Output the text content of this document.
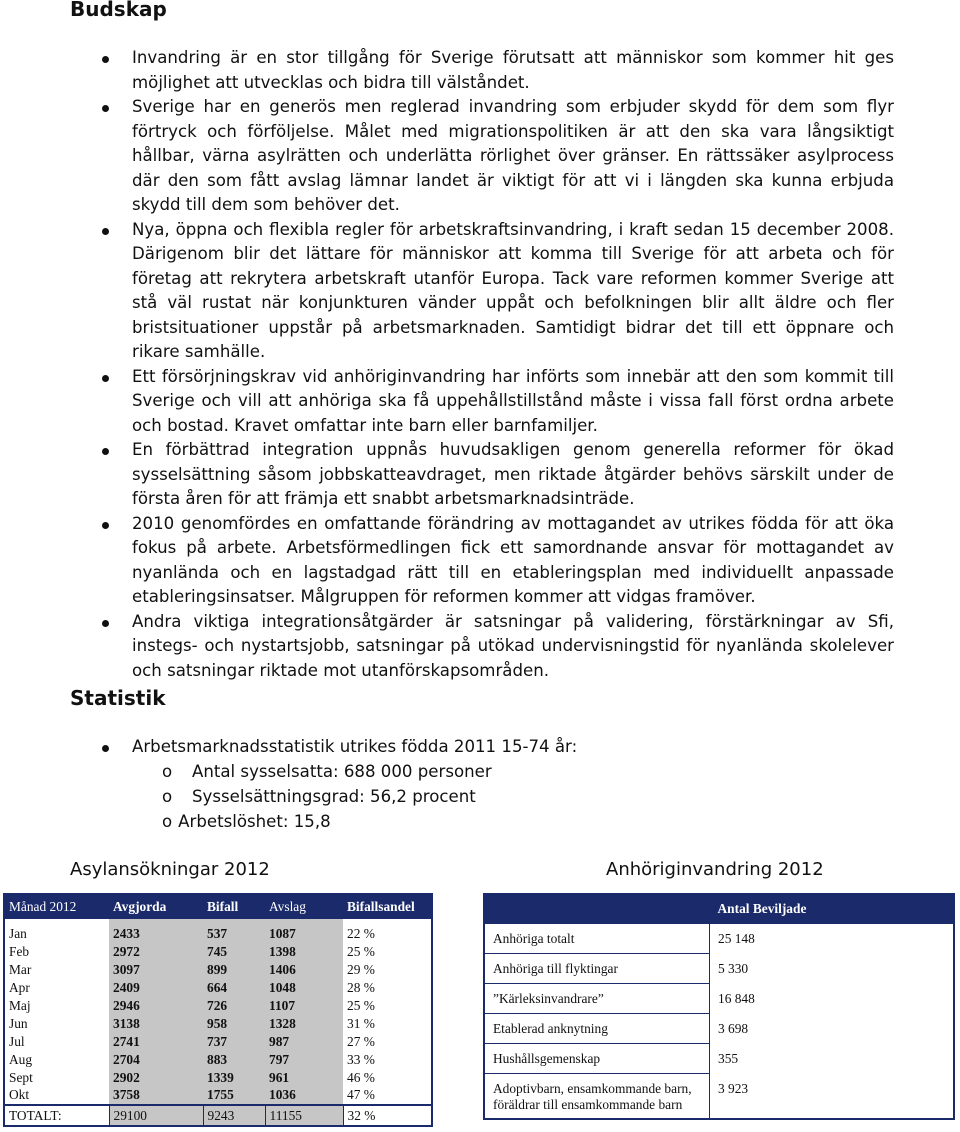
Budskap
Invandring är en stor tillgång för Sverige förutsatt att människor som kommer hit ges möjlighet att utvecklas och bidra till välståndet.
Sverige har en generös men reglerad invandring som erbjuder skydd för dem som flyr förtryck och förföljelse. Målet med migrationspolitiken är att den ska vara långsiktigt hållbar, värna asylrätten och underlätta rörlighet över gränser. En rättssäker asylprocess där den som fått avslag lämnar landet är viktigt för att vi i längden ska kunna erbjuda skydd till dem som behöver det.
Nya, öppna och flexibla regler för arbetskraftsinvandring, i kraft sedan 15 december 2008. Därigenom blir det lättare för människor att komma till Sverige för att arbeta och för företag att rekrytera arbetskraft utanför Europa. Tack vare reformen kommer Sverige att stå väl rustat när konjunkturen vänder uppåt och befolkningen blir allt äldre och fler bristsituationer uppstår på arbetsmarknaden. Samtidigt bidrar det till ett öppnare och rikare samhälle.
Ett försörjningskrav vid anhöriginvandring har införts som innebär att den som kommit till Sverige och vill att anhöriga ska få uppehållstillstånd måste i vissa fall först ordna arbete och bostad. Kravet omfattar inte barn eller barnfamiljer.
En förbättrad integration uppnås huvudsakligen genom generella reformer för ökad sysselsättning såsom jobbskatteavdraget, men riktade åtgärder behövs särskilt under de första åren för att främja ett snabbt arbetsmarknadsinträde.
2010 genomfördes en omfattande förändring av mottagandet av utrikes födda för att öka fokus på arbete. Arbetsförmedlingen fick ett samordnande ansvar för mottagandet av nyanlända och en lagstadgad rätt till en etableringsplan med individuellt anpassade etableringsinsatser. Målgruppen för reformen kommer att vidgas framöver.
Andra viktiga integrationsåtgärder är satsningar på validering, förstärkningar av Sfi, instegs- och nystartsjobb, satsningar på utökad undervisningstid för nyanlända skolelever och satsningar riktade mot utanförskapsområden.
Statistik
Arbetsmarknadsstatistik utrikes födda 2011 15-74 år:
o Antal sysselsatta: 688 000 personer
o Sysselsättningsgrad: 56,2 procent
o Arbetslöshet: 15,8
Asylansökningar 2012	Anhöriginvandring 2012
Månad 2012	Avgjorda	Bifall	Avslag	Bifallsandel
Jan	2433	537	1087	22 %
Feb	2972	745	1398	25 %
Mar	3097	899	1406	29 %
Apr	2409	664	1048	28 %
Maj	2946	726	1107	25 %
Jun	3138	958	1328	31 %
Jul	2741	737	987	27 %
Aug	2704	883	797	33 %
Sept	2902	1339	961	46 %
Okt	3758	1755	1036	47 %
TOTALT:	29100	9243	11155	32 %
	Antal Beviljade
Anhöriga totalt	25 148
Anhöriga till flyktingar	5 330
”Kärleksinvandrare”	16 848
Etablerad anknytning	3 698
Hushållsgemenskap	355
Adoptivbarn, ensamkommande barn, föräldrar till ensamkommande barn	3 923
